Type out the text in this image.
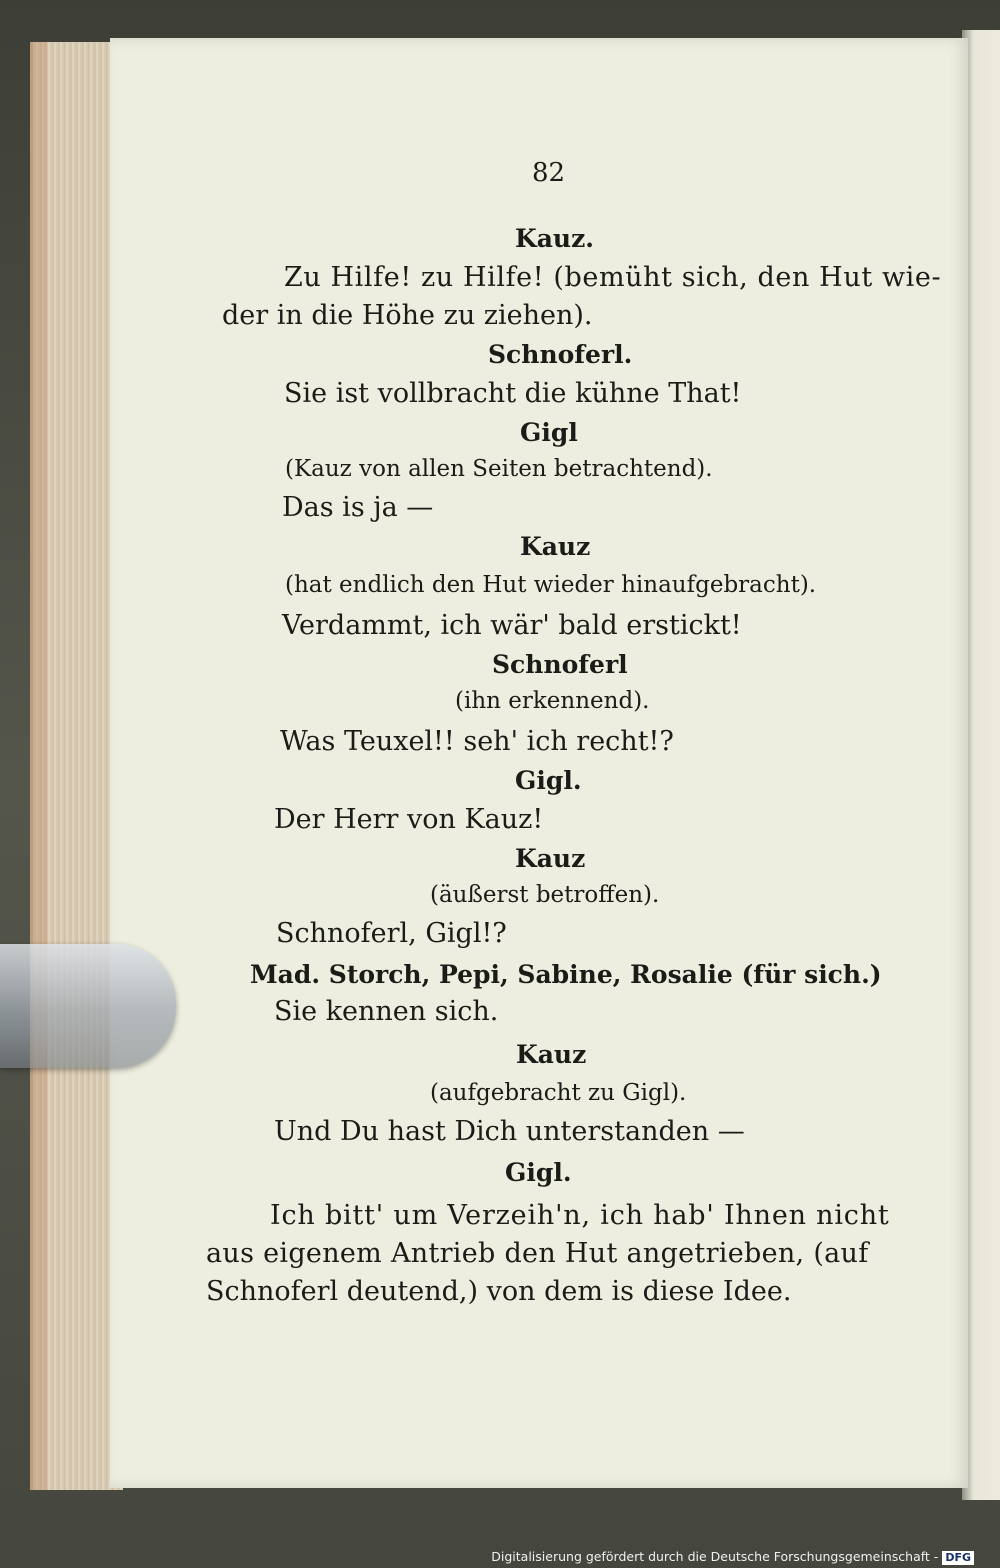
82
Kauz.
Zu Hilfe! zu Hilfe! (bemüht sich, den Hut wie-
der in die Höhe zu ziehen).
Schnoferl.
Sie ist vollbracht die kühne That!
Gigl
(Kauz von allen Seiten betrachtend).
Das is ja —
Kauz
(hat endlich den Hut wieder hinaufgebracht).
Verdammt, ich wär' bald erstickt!
Schnoferl
(ihn erkennend).
Was Teuxel!! seh' ich recht!?
Gigl.
Der Herr von Kauz!
Kauz
(äußerst betroffen).
Schnoferl, Gigl!?
Mad. Storch, Pepi, Sabine, Rosalie (für sich.)
Sie kennen sich.
Kauz
(aufgebracht zu Gigl).
Und Du hast Dich unterstanden —
Gigl.
Ich bitt' um Verzeih'n, ich hab' Ihnen nicht
aus eigenem Antrieb den Hut angetrieben, (auf
Schnoferl deutend,) von dem is diese Idee.
Digitalisierung gefördert durch die Deutsche Forschungsgemeinschaft - DFG
